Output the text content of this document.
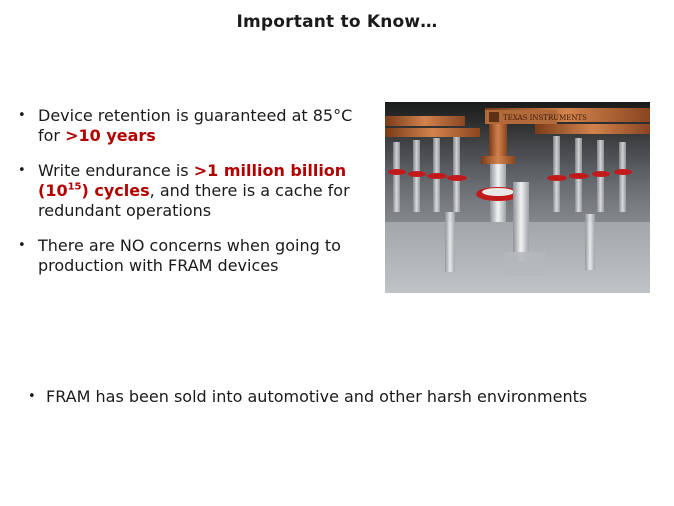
Important to Know…
• Device retention is guaranteed at 85°C for >10 years
• Write endurance is >1 million billion $(10^{15})$ cycles, and there is a cache for redundant operations
• There are NO concerns when going to production with FRAM devices
TEXAS INSTRUMENTS
• FRAM has been sold into automotive and other harsh environments
